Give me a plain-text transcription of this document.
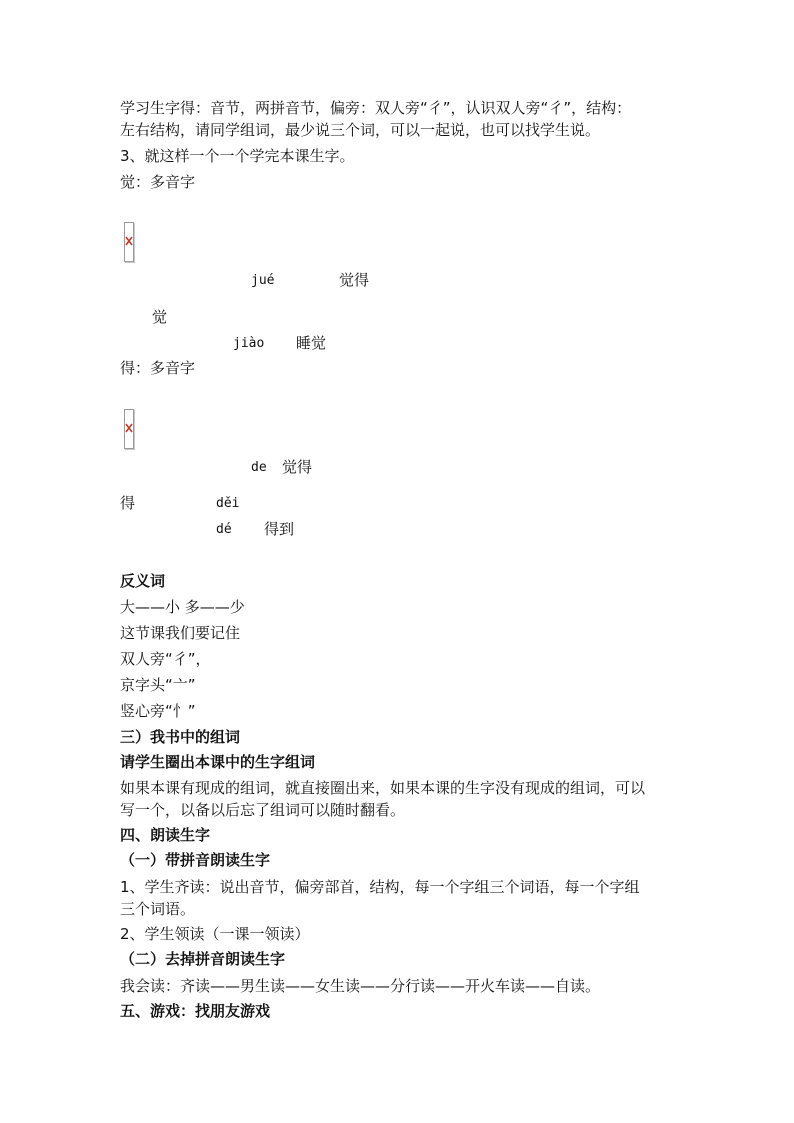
学习生字得：音节，两拼音节，偏旁：双人旁“彳”，认识双人旁“彳”，结构：
左右结构，请同学组词，最少说三个词，可以一起说，也可以找学生说。
3、就这样一个一个学完本课生字。
觉：多音字
jué	觉得
觉
jiào 睡觉
得：多音字
de 觉得
得	děi
dé 得到
反义词
大——小 多——少
这节课我们要记住
双人旁“彳”，
京字头“亠”
竖心旁“忄”
三）我书中的组词
请学生圈出本课中的生字组词
如果本课有现成的组词，就直接圈出来，如果本课的生字没有现成的组词，可以
写一个，以备以后忘了组词可以随时翻看。
四、朗读生字
（一）带拼音朗读生字
1、学生齐读：说出音节，偏旁部首，结构，每一个字组三个词语，每一个字组
三个词语。
2、学生领读（一课一领读）
（二）去掉拼音朗读生字
我会读：齐读——男生读——女生读——分行读——开火车读——自读。
五、游戏：找朋友游戏
